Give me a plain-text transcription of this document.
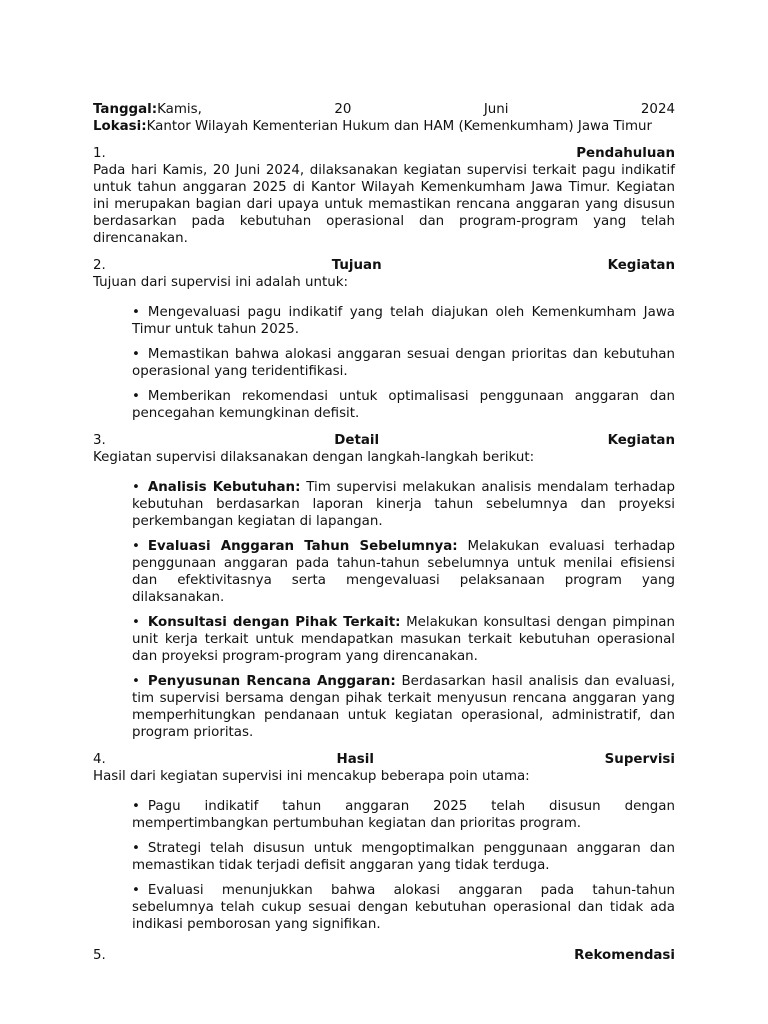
Tanggal:Kamis,	20	Juni	2024
Lokasi:Kantor Wilayah Kementerian Hukum dan HAM (Kemenkumham) Jawa Timur
1.	Pendahuluan
Pada hari Kamis, 20 Juni 2024, dilaksanakan kegiatan supervisi terkait pagu indikatif untuk tahun anggaran 2025 di Kantor Wilayah Kemenkumham Jawa Timur. Kegiatan ini merupakan bagian dari upaya untuk memastikan rencana anggaran yang disusun berdasarkan pada kebutuhan operasional dan program-program yang telah direncanakan.
2.	Tujuan	Kegiatan
Tujuan dari supervisi ini adalah untuk:
• Mengevaluasi pagu indikatif yang telah diajukan oleh Kemenkumham Jawa Timur untuk tahun 2025.
• Memastikan bahwa alokasi anggaran sesuai dengan prioritas dan kebutuhan operasional yang teridentifikasi.
• Memberikan rekomendasi untuk optimalisasi penggunaan anggaran dan pencegahan kemungkinan defisit.
3.	Detail	Kegiatan
Kegiatan supervisi dilaksanakan dengan langkah-langkah berikut:
• Analisis Kebutuhan: Tim supervisi melakukan analisis mendalam terhadap kebutuhan berdasarkan laporan kinerja tahun sebelumnya dan proyeksi perkembangan kegiatan di lapangan.
• Evaluasi Anggaran Tahun Sebelumnya: Melakukan evaluasi terhadap penggunaan anggaran pada tahun-tahun sebelumnya untuk menilai efisiensi dan efektivitasnya serta mengevaluasi pelaksanaan program yang dilaksanakan.
• Konsultasi dengan Pihak Terkait: Melakukan konsultasi dengan pimpinan unit kerja terkait untuk mendapatkan masukan terkait kebutuhan operasional dan proyeksi program-program yang direncanakan.
• Penyusunan Rencana Anggaran: Berdasarkan hasil analisis dan evaluasi, tim supervisi bersama dengan pihak terkait menyusun rencana anggaran yang memperhitungkan pendanaan untuk kegiatan operasional, administratif, dan program prioritas.
4.	Hasil	Supervisi
Hasil dari kegiatan supervisi ini mencakup beberapa poin utama:
• Pagu indikatif tahun anggaran 2025 telah disusun dengan mempertimbangkan pertumbuhan kegiatan dan prioritas program.
• Strategi telah disusun untuk mengoptimalkan penggunaan anggaran dan memastikan tidak terjadi defisit anggaran yang tidak terduga.
• Evaluasi menunjukkan bahwa alokasi anggaran pada tahun-tahun sebelumnya telah cukup sesuai dengan kebutuhan operasional dan tidak ada indikasi pemborosan yang signifikan.
5.	Rekomendasi
